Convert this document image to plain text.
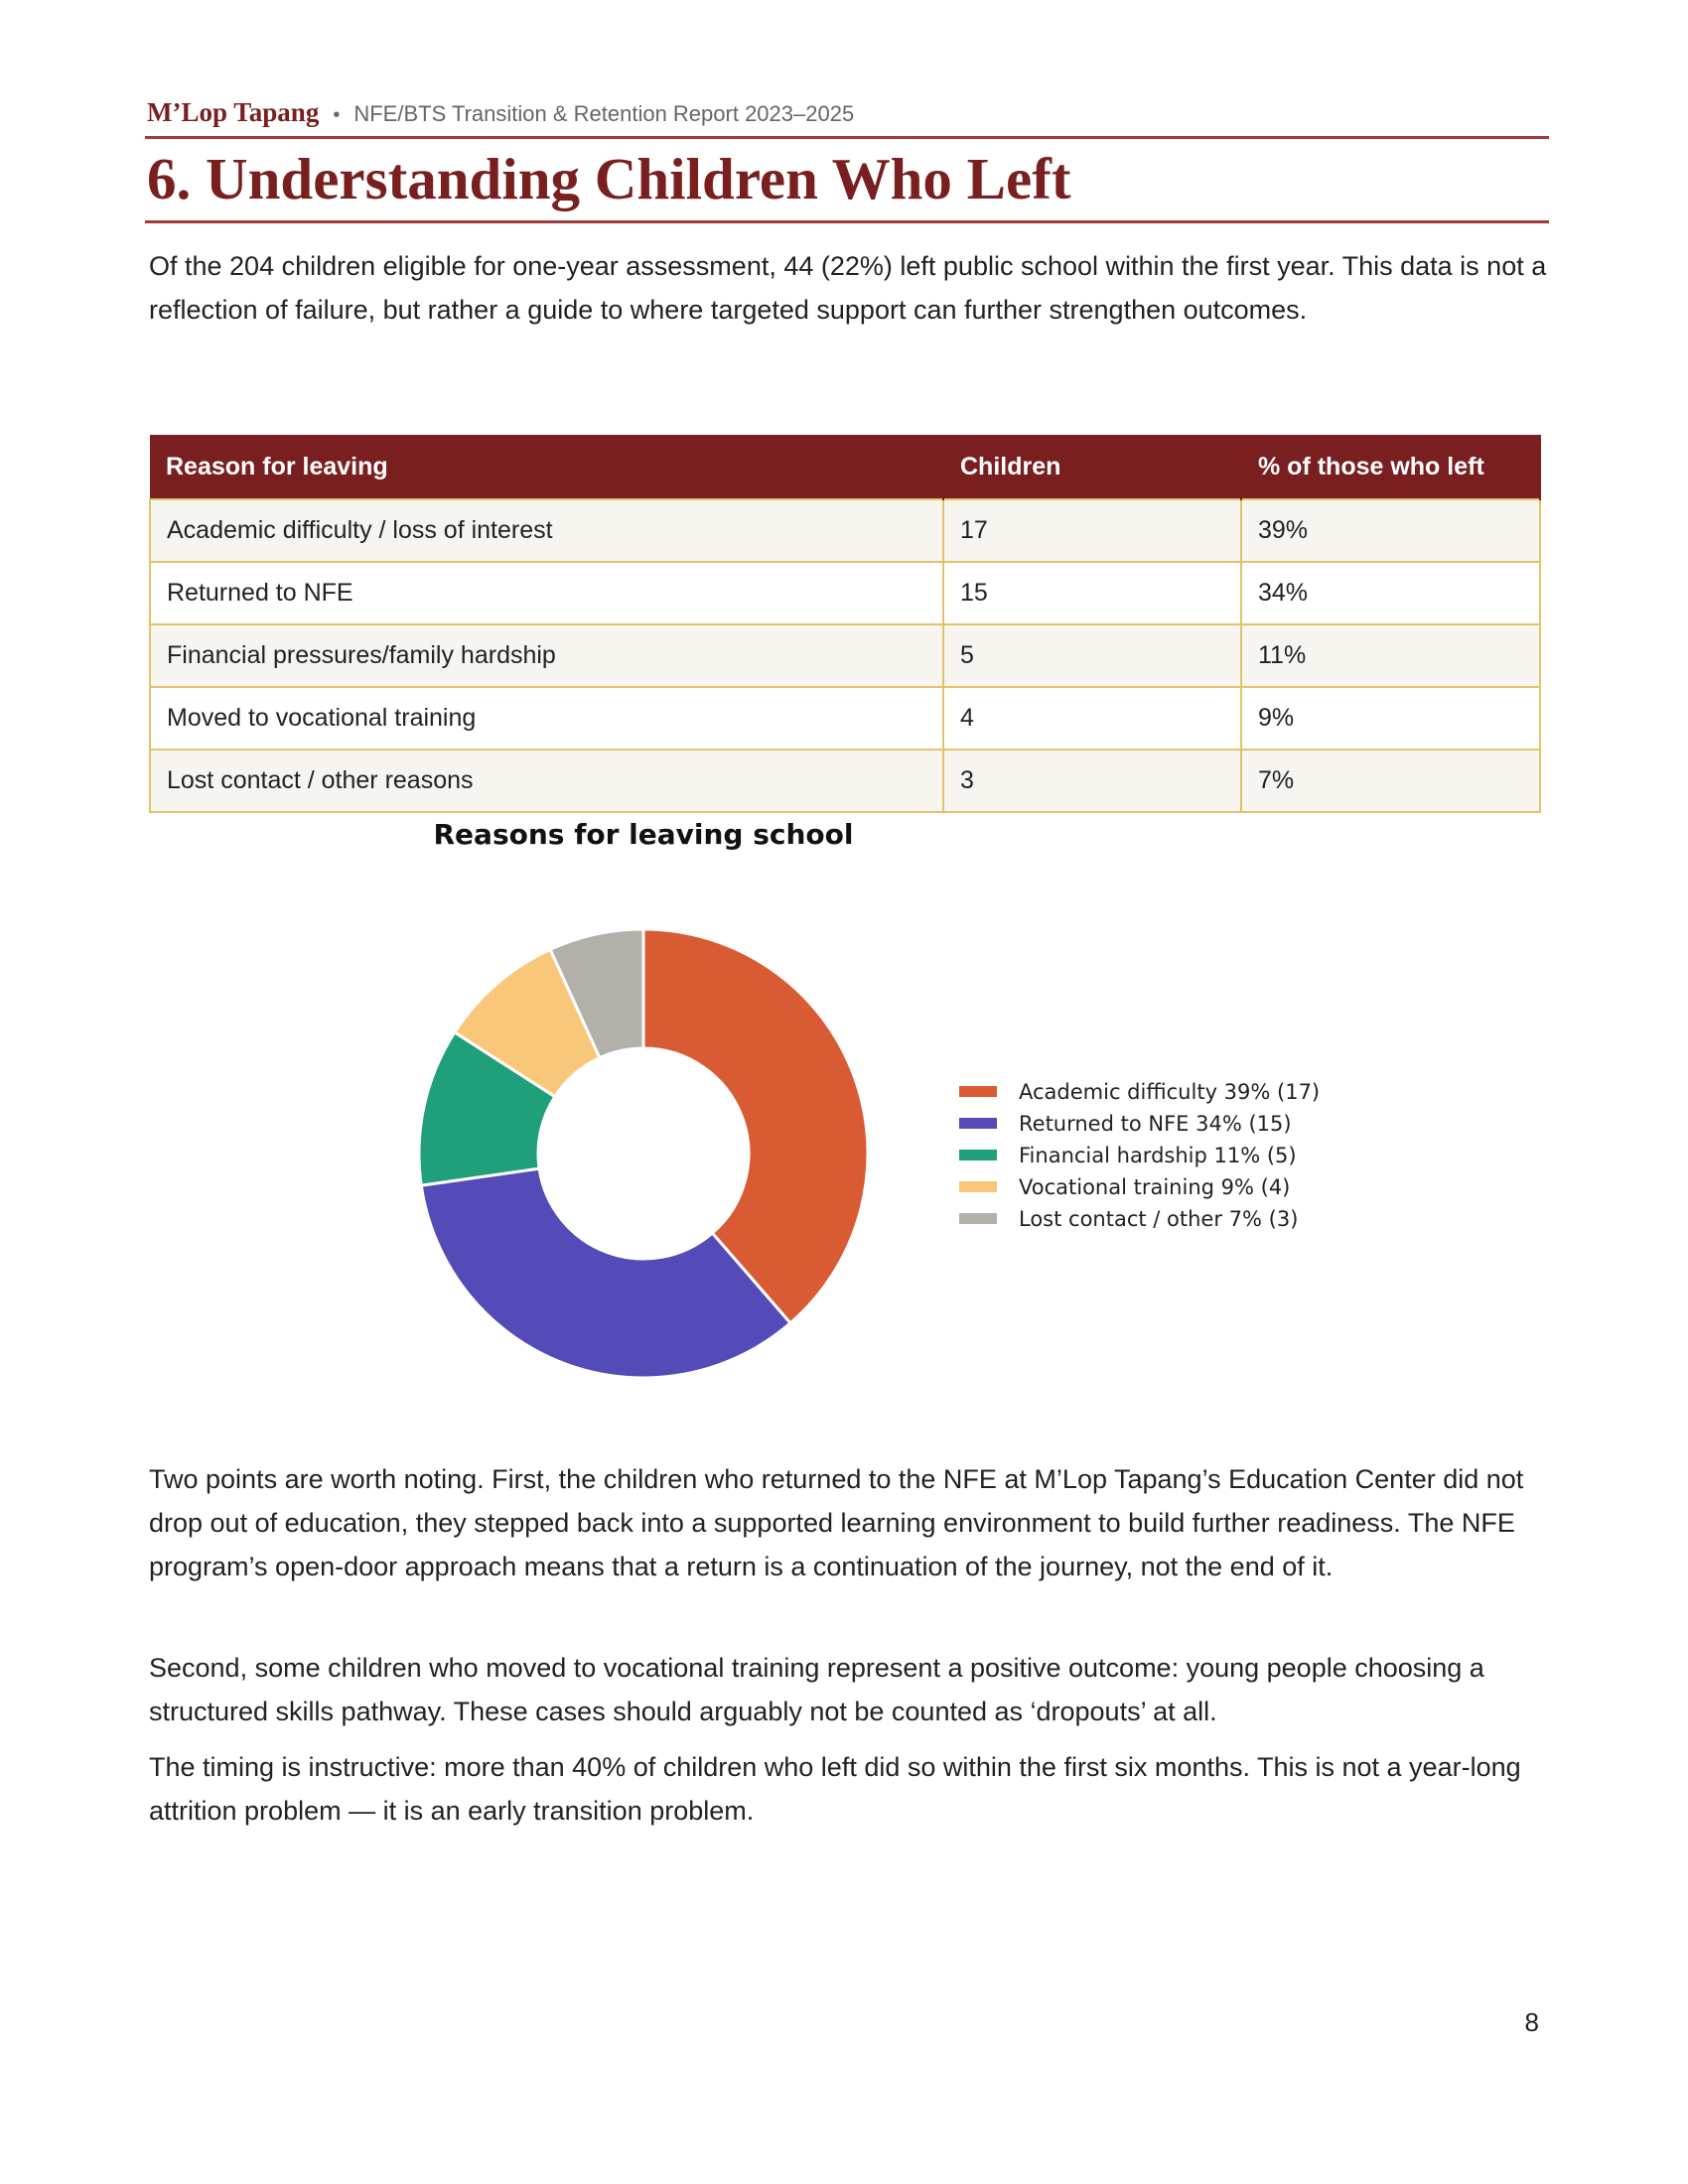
M’Lop Tapang • NFE/BTS Transition & Retention Report 2023–2025
6. Understanding Children Who Left

Of the 204 children eligible for one-year assessment, 44 (22%) left public school within the first year. This data is not a reflection of failure, but rather a guide to where targeted support can further strengthen outcomes.

Reason for leaving	Children	% of those who left
Academic difficulty / loss of interest	17	39%
Returned to NFE	15	34%
Financial pressures/family hardship	5	11%
Moved to vocational training	4	9%
Lost contact / other reasons	3	7%
Reasons for leaving school
Academic difficulty 39% (17)
Returned to NFE 34% (15)
Financial hardship 11% (5)
Vocational training 9% (4)
Lost contact / other 7% (3)

Two points are worth noting. First, the children who returned to the NFE at M’Lop Tapang’s Education Center did not drop out of education, they stepped back into a supported learning environment to build further readiness. The NFE program’s open-door approach means that a return is a continuation of the journey, not the end of it.

Second, some children who moved to vocational training represent a positive outcome: young people choosing a structured skills pathway. These cases should arguably not be counted as ‘dropouts’ at all.

The timing is instructive: more than 40% of children who left did so within the first six months. This is not a year-long attrition problem — it is an early transition problem.

8
